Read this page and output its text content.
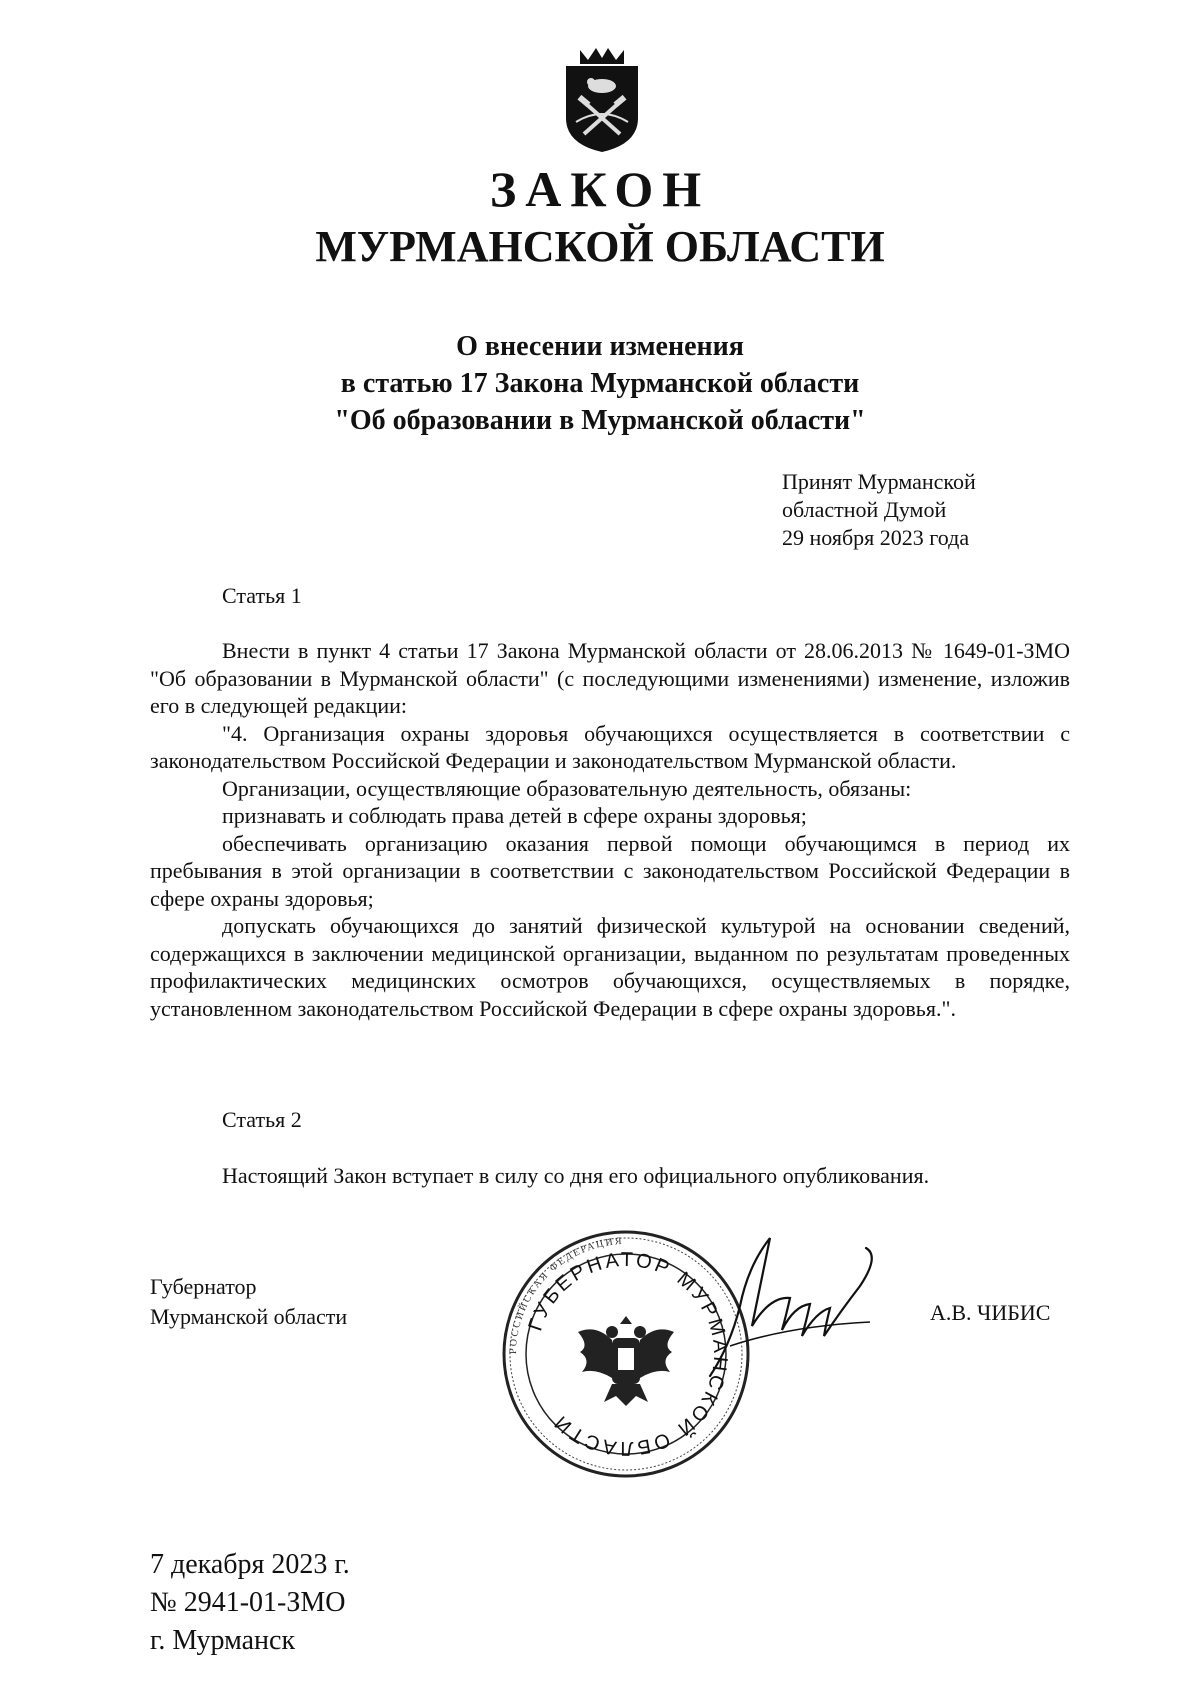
ЗАКОН
МУРМАНСКОЙ ОБЛАСТИ
О внесении изменения
в статью 17 Закона Мурманской области
"Об образовании в Мурманской области"
Принят Мурманской
областной Думой
29 ноября 2023 года
Статья 1

Внести в пункт 4 статьи 17 Закона Мурманской области от 28.06.2013 № 1649-01-ЗМО "Об образовании в Мурманской области" (с последующими изменениями) изменение, изложив его в следующей редакции:

"4. Организация охраны здоровья обучающихся осуществляется в соответствии с законодательством Российской Федерации и законодательством Мурманской области.

Организации, осуществляющие образовательную деятельность, обязаны:

признавать и соблюдать права детей в сфере охраны здоровья;

обеспечивать организацию оказания первой помощи обучающимся в период их пребывания в этой организации в соответствии с законодательством Российской Федерации в сфере охраны здоровья;

допускать обучающихся до занятий физической культурой на основании сведений, содержащихся в заключении медицинской организации, выданном по результатам проведенных профилактических медицинских осмотров обучающихся, осуществляемых в порядке, установленном законодательством Российской Федерации в сфере охраны здоровья.".

Статья 2

Настоящий Закон вступает в силу со дня его официального опубликования.

Губернатор
Мурманской области
РОССИЙСКАЯ ФЕДЕРАЦИЯ
ГУБЕРНАТОР МУРМАНСКОЙ ОБЛАСТИ
А.В. ЧИБИС
7 декабря 2023 г.
№ 2941-01-ЗМО
г. Мурманск
